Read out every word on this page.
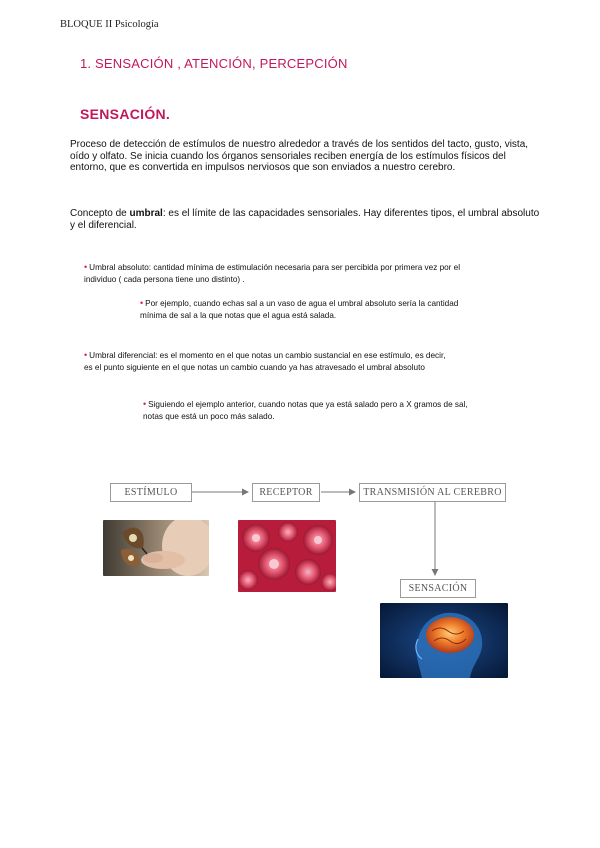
BLOQUE II Psicología
1. SENSACIÓN , ATENCIÓN, PERCEPCIÓN
SENSACIÓN.
Proceso de detección de estímulos de nuestro alrededor a través de los sentidos del tacto, gusto, vista, oído y olfato. Se inicia cuando los órganos sensoriales reciben energía de los estímulos físicos del entorno, que es convertida en impulsos nerviosos que son enviados a nuestro cerebro.
Concepto de umbral: es el límite de las capacidades sensoriales. Hay diferentes tipos, el umbral absoluto y el diferencial.
• Umbral absoluto: cantidad mínima de estimulación necesaria para ser percibida por primera vez por el individuo ( cada persona tiene uno distinto) .
• Por ejemplo, cuando echas sal a un vaso de agua el umbral absoluto sería la cantidad mínima de sal a la que notas que el agua está salada.
• Umbral diferencial: es el momento en el que notas un cambio sustancial en ese estímulo, es decir, es el punto siguiente en el que notas un cambio cuando ya has atravesado el umbral absoluto
• Siguiendo el ejemplo anterior, cuando notas que ya está salado pero a X gramos de sal, notas que está un poco más salado.
ESTÍMULO	RECEPTOR	TRANSMISIÓN AL CEREBRO
SENSACIÓN
